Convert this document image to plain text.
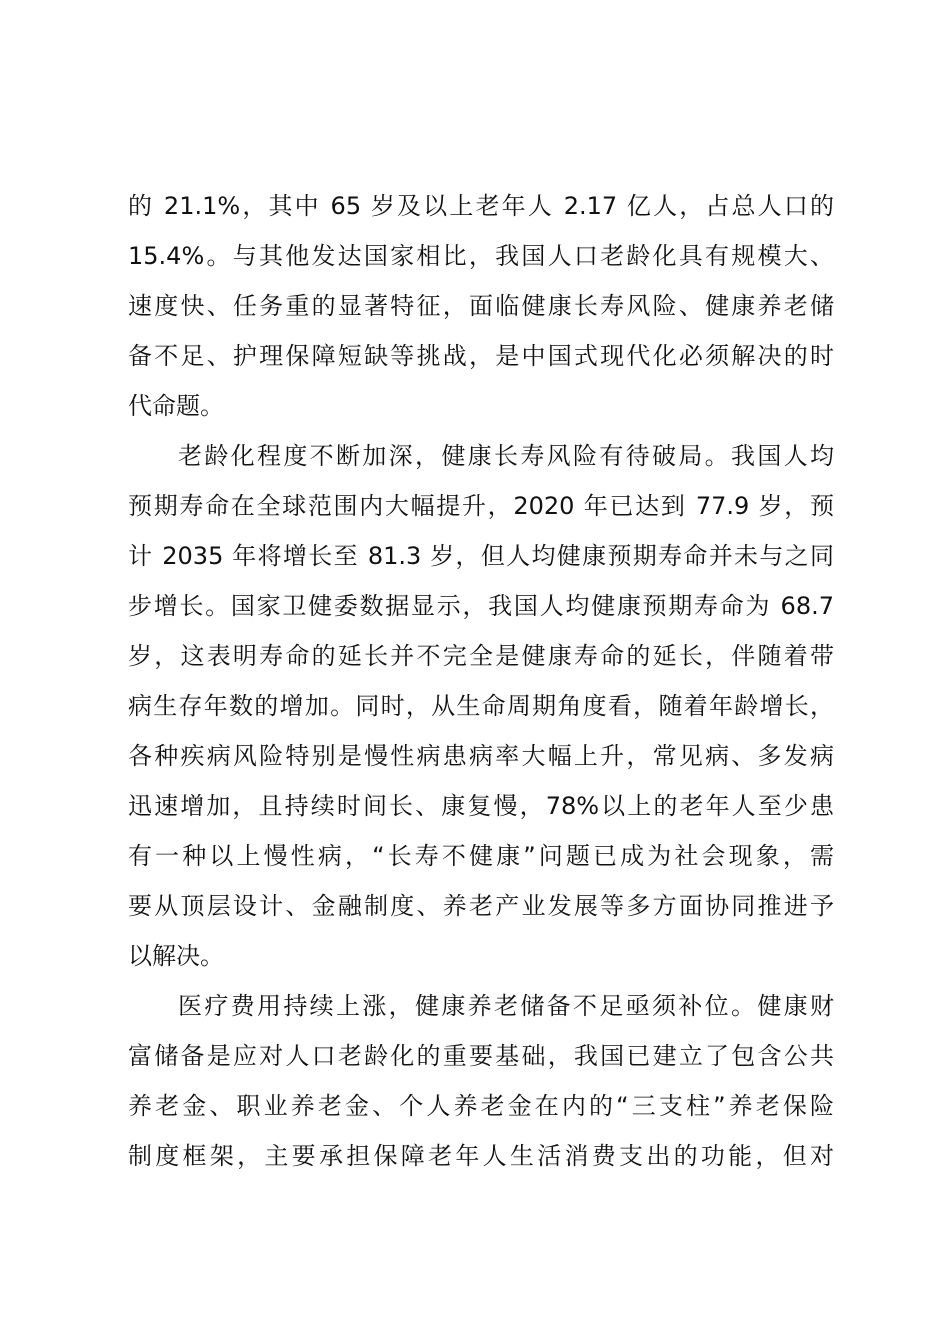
的 21.1%，其中 65 岁及以上老年人 2.17 亿人，占总人口的
15.4%。与其他发达国家相比，我国人口老龄化具有规模大、
速度快、任务重的显著特征，面临健康长寿风险、健康养老储
备不足、护理保障短缺等挑战，是中国式现代化必须解决的时
代命题。
老龄化程度不断加深，健康长寿风险有待破局。我国人均
预期寿命在全球范围内大幅提升，2020 年已达到 77.9 岁，预
计 2035 年将增长至 81.3 岁，但人均健康预期寿命并未与之同
步增长。国家卫健委数据显示，我国人均健康预期寿命为 68.7
岁，这表明寿命的延长并不完全是健康寿命的延长，伴随着带
病生存年数的增加。同时，从生命周期角度看，随着年龄增长，
各种疾病风险特别是慢性病患病率大幅上升，常见病、多发病
迅速增加，且持续时间长、康复慢，78%以上的老年人至少患
有一种以上慢性病，“长寿不健康”问题已成为社会现象，需
要从顶层设计、金融制度、养老产业发展等多方面协同推进予
以解决。
医疗费用持续上涨，健康养老储备不足亟须补位。健康财
富储备是应对人口老龄化的重要基础，我国已建立了包含公共
养老金、职业养老金、个人养老金在内的“三支柱”养老保险
制度框架，主要承担保障老年人生活消费支出的功能，但对
